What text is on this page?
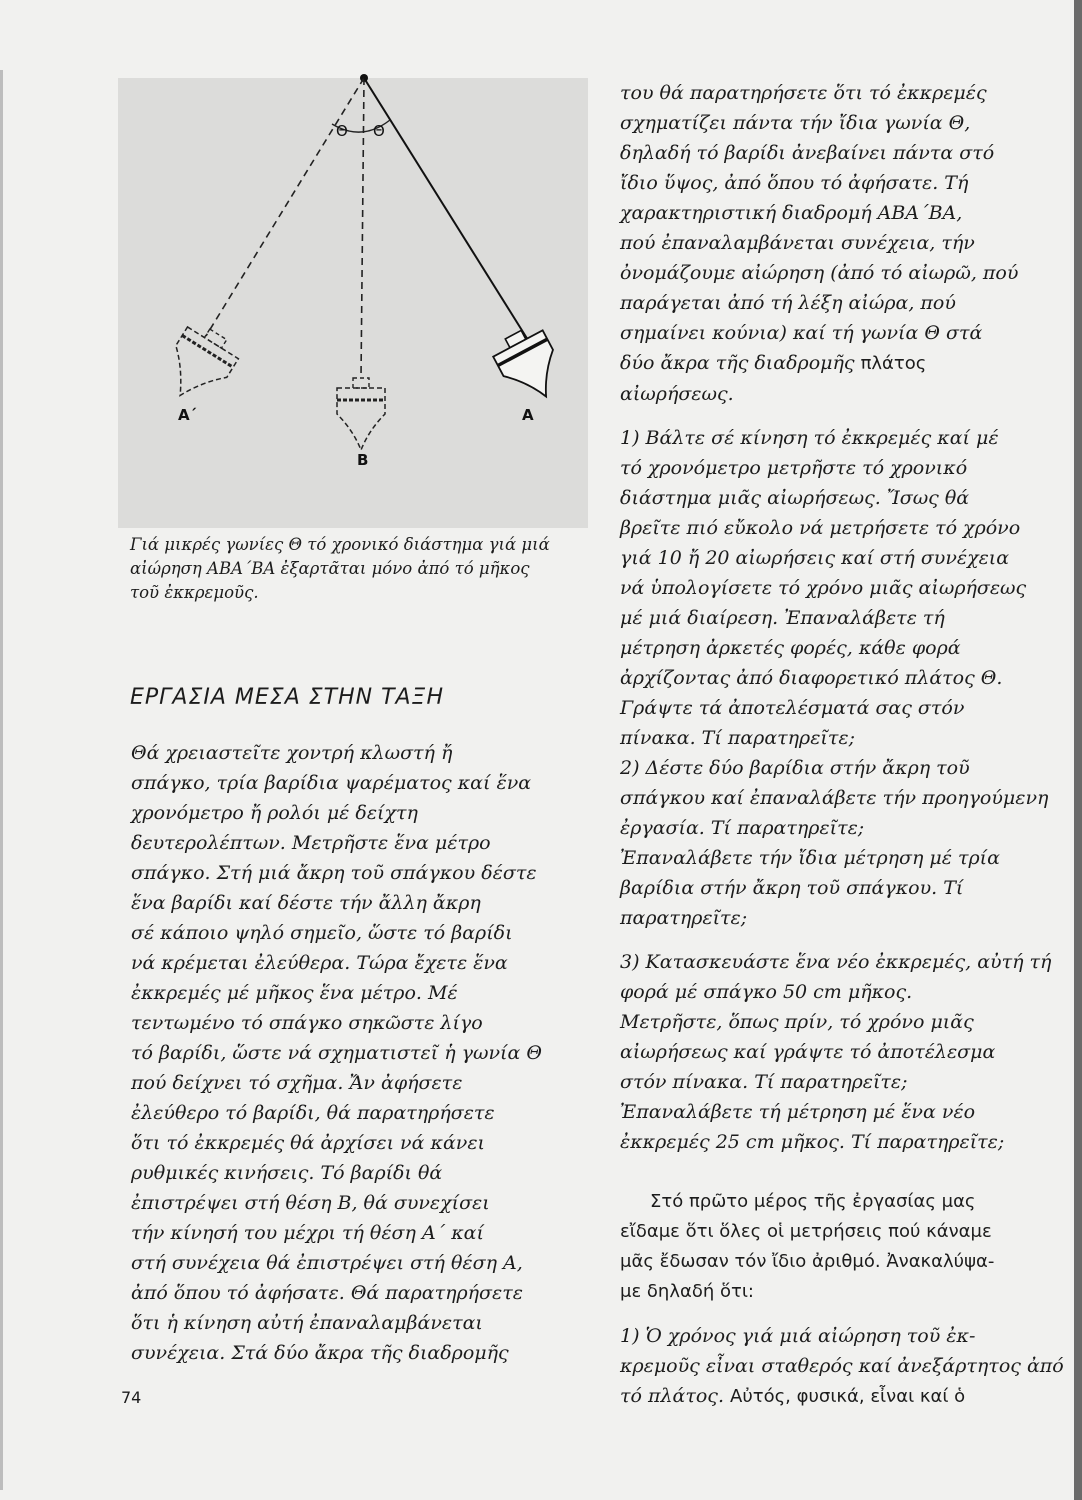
Θ Θ
Α΄
Β
Α

Γιά μικρές γωνίες Θ τό χρονικό διάστημα γιά μιά

αἰώρηση ΑΒΑ΄ΒΑ ἐξαρτᾶται μόνο ἀπό τό μῆκος

τοῦ ἐκκρεμοῦς.

ΕΡΓΑΣΙΑ ΜΕΣΑ ΣΤΗΝ ΤΑΞΗ
Θά χρειαστεῖτε χοντρή κλωστή ἤ
σπάγκο, τρία βαρίδια ψαρέματος καί ἕνα
χρονόμετρο ἤ ρολόι μέ δείχτη
δευτερολέπτων. Μετρῆστε ἕνα μέτρο
σπάγκο. Στή μιά ἄκρη τοῦ σπάγκου δέστε
ἕνα βαρίδι καί δέστε τήν ἄλλη ἄκρη
σέ κάποιο ψηλό σημεῖο, ὥστε τό βαρίδι
νά κρέμεται ἐλεύθερα. Τώρα ἔχετε ἕνα
ἐκκρεμές μέ μῆκος ἕνα μέτρο. Μέ
τεντωμένο τό σπάγκο σηκῶστε λίγο
τό βαρίδι, ὥστε νά σχηματιστεῖ ἡ γωνία Θ
πού δείχνει τό σχῆμα. Ἄν ἀφήσετε
ἐλεύθερο τό βαρίδι, θά παρατηρήσετε
ὅτι τό ἐκκρεμές θά ἀρχίσει νά κάνει
ρυθμικές κινήσεις. Τό βαρίδι θά
ἐπιστρέψει στή θέση Β, θά συνεχίσει
τήν κίνησή του μέχρι τή θέση Α΄ καί
στή συνέχεια θά ἐπιστρέψει στή θέση Α,
ἀπό ὅπου τό ἀφήσατε. Θά παρατηρήσετε
ὅτι ἡ κίνηση αὐτή ἐπαναλαμβάνεται
συνέχεια. Στά δύο ἄκρα τῆς διαδρομῆς
του θά παρατηρήσετε ὅτι τό ἐκκρεμές
σχηματίζει πάντα τήν ἴδια γωνία Θ,
δηλαδή τό βαρίδι ἀνεβαίνει πάντα στό
ἴδιο ὕψος, ἀπό ὅπου τό ἀφήσατε. Τή
χαρακτηριστική διαδρομή ΑΒΑ΄ΒΑ,
πού ἐπαναλαμβάνεται συνέχεια, τήν
ὀνομάζουμε αἰώρηση (ἀπό τό αἰωρῶ, πού
παράγεται ἀπό τή λέξη αἰώρα, πού
σημαίνει κούνια) καί τή γωνία Θ στά
δύο ἄκρα τῆς διαδρομῆς πλάτος
αἰωρήσεως.
1) Βάλτε σέ κίνηση τό ἐκκρεμές καί μέ
τό χρονόμετρο μετρῆστε τό χρονικό
διάστημα μιᾶς αἰωρήσεως. Ἴσως θά
βρεῖτε πιό εὔκολο νά μετρήσετε τό χρόνο
γιά 10 ἤ 20 αἰωρήσεις καί στή συνέχεια
νά ὑπολογίσετε τό χρόνο μιᾶς αἰωρήσεως
μέ μιά διαίρεση. Ἐπαναλάβετε τή
μέτρηση ἀρκετές φορές, κάθε φορά
ἀρχίζοντας ἀπό διαφορετικό πλάτος Θ.
Γράψτε τά ἀποτελέσματά σας στόν
πίνακα. Τί παρατηρεῖτε;
2) Δέστε δύο βαρίδια στήν ἄκρη τοῦ
σπάγκου καί ἐπαναλάβετε τήν προηγούμενη
ἐργασία. Τί παρατηρεῖτε;
Ἐπαναλάβετε τήν ἴδια μέτρηση μέ τρία
βαρίδια στήν ἄκρη τοῦ σπάγκου. Τί
παρατηρεῖτε;
3) Κατασκευάστε ἕνα νέο ἐκκρεμές, αὐτή τή
φορά μέ σπάγκο 50 cm μῆκος.
Μετρῆστε, ὅπως πρίν, τό χρόνο μιᾶς
αἰωρήσεως καί γράψτε τό ἀποτέλεσμα
στόν πίνακα. Τί παρατηρεῖτε;
Ἐπαναλάβετε τή μέτρηση μέ ἕνα νέο
ἐκκρεμές 25 cm μῆκος. Τί παρατηρεῖτε;
Στό πρῶτο μέρος τῆς ἐργασίας μας
εἴδαμε ὅτι ὅλες οἱ μετρήσεις πού κάναμε
μᾶς ἔδωσαν τόν ἴδιο ἀριθμό. Ἀνακαλύψα-
με δηλαδή ὅτι:
1) Ὁ χρόνος γιά μιά αἰώρηση τοῦ ἐκ-
κρεμοῦς εἶναι σταθερός καί ἀνεξάρτητος ἀπό
τό πλάτος. Αὐτός, φυσικά, εἶναι καί ὁ
74
